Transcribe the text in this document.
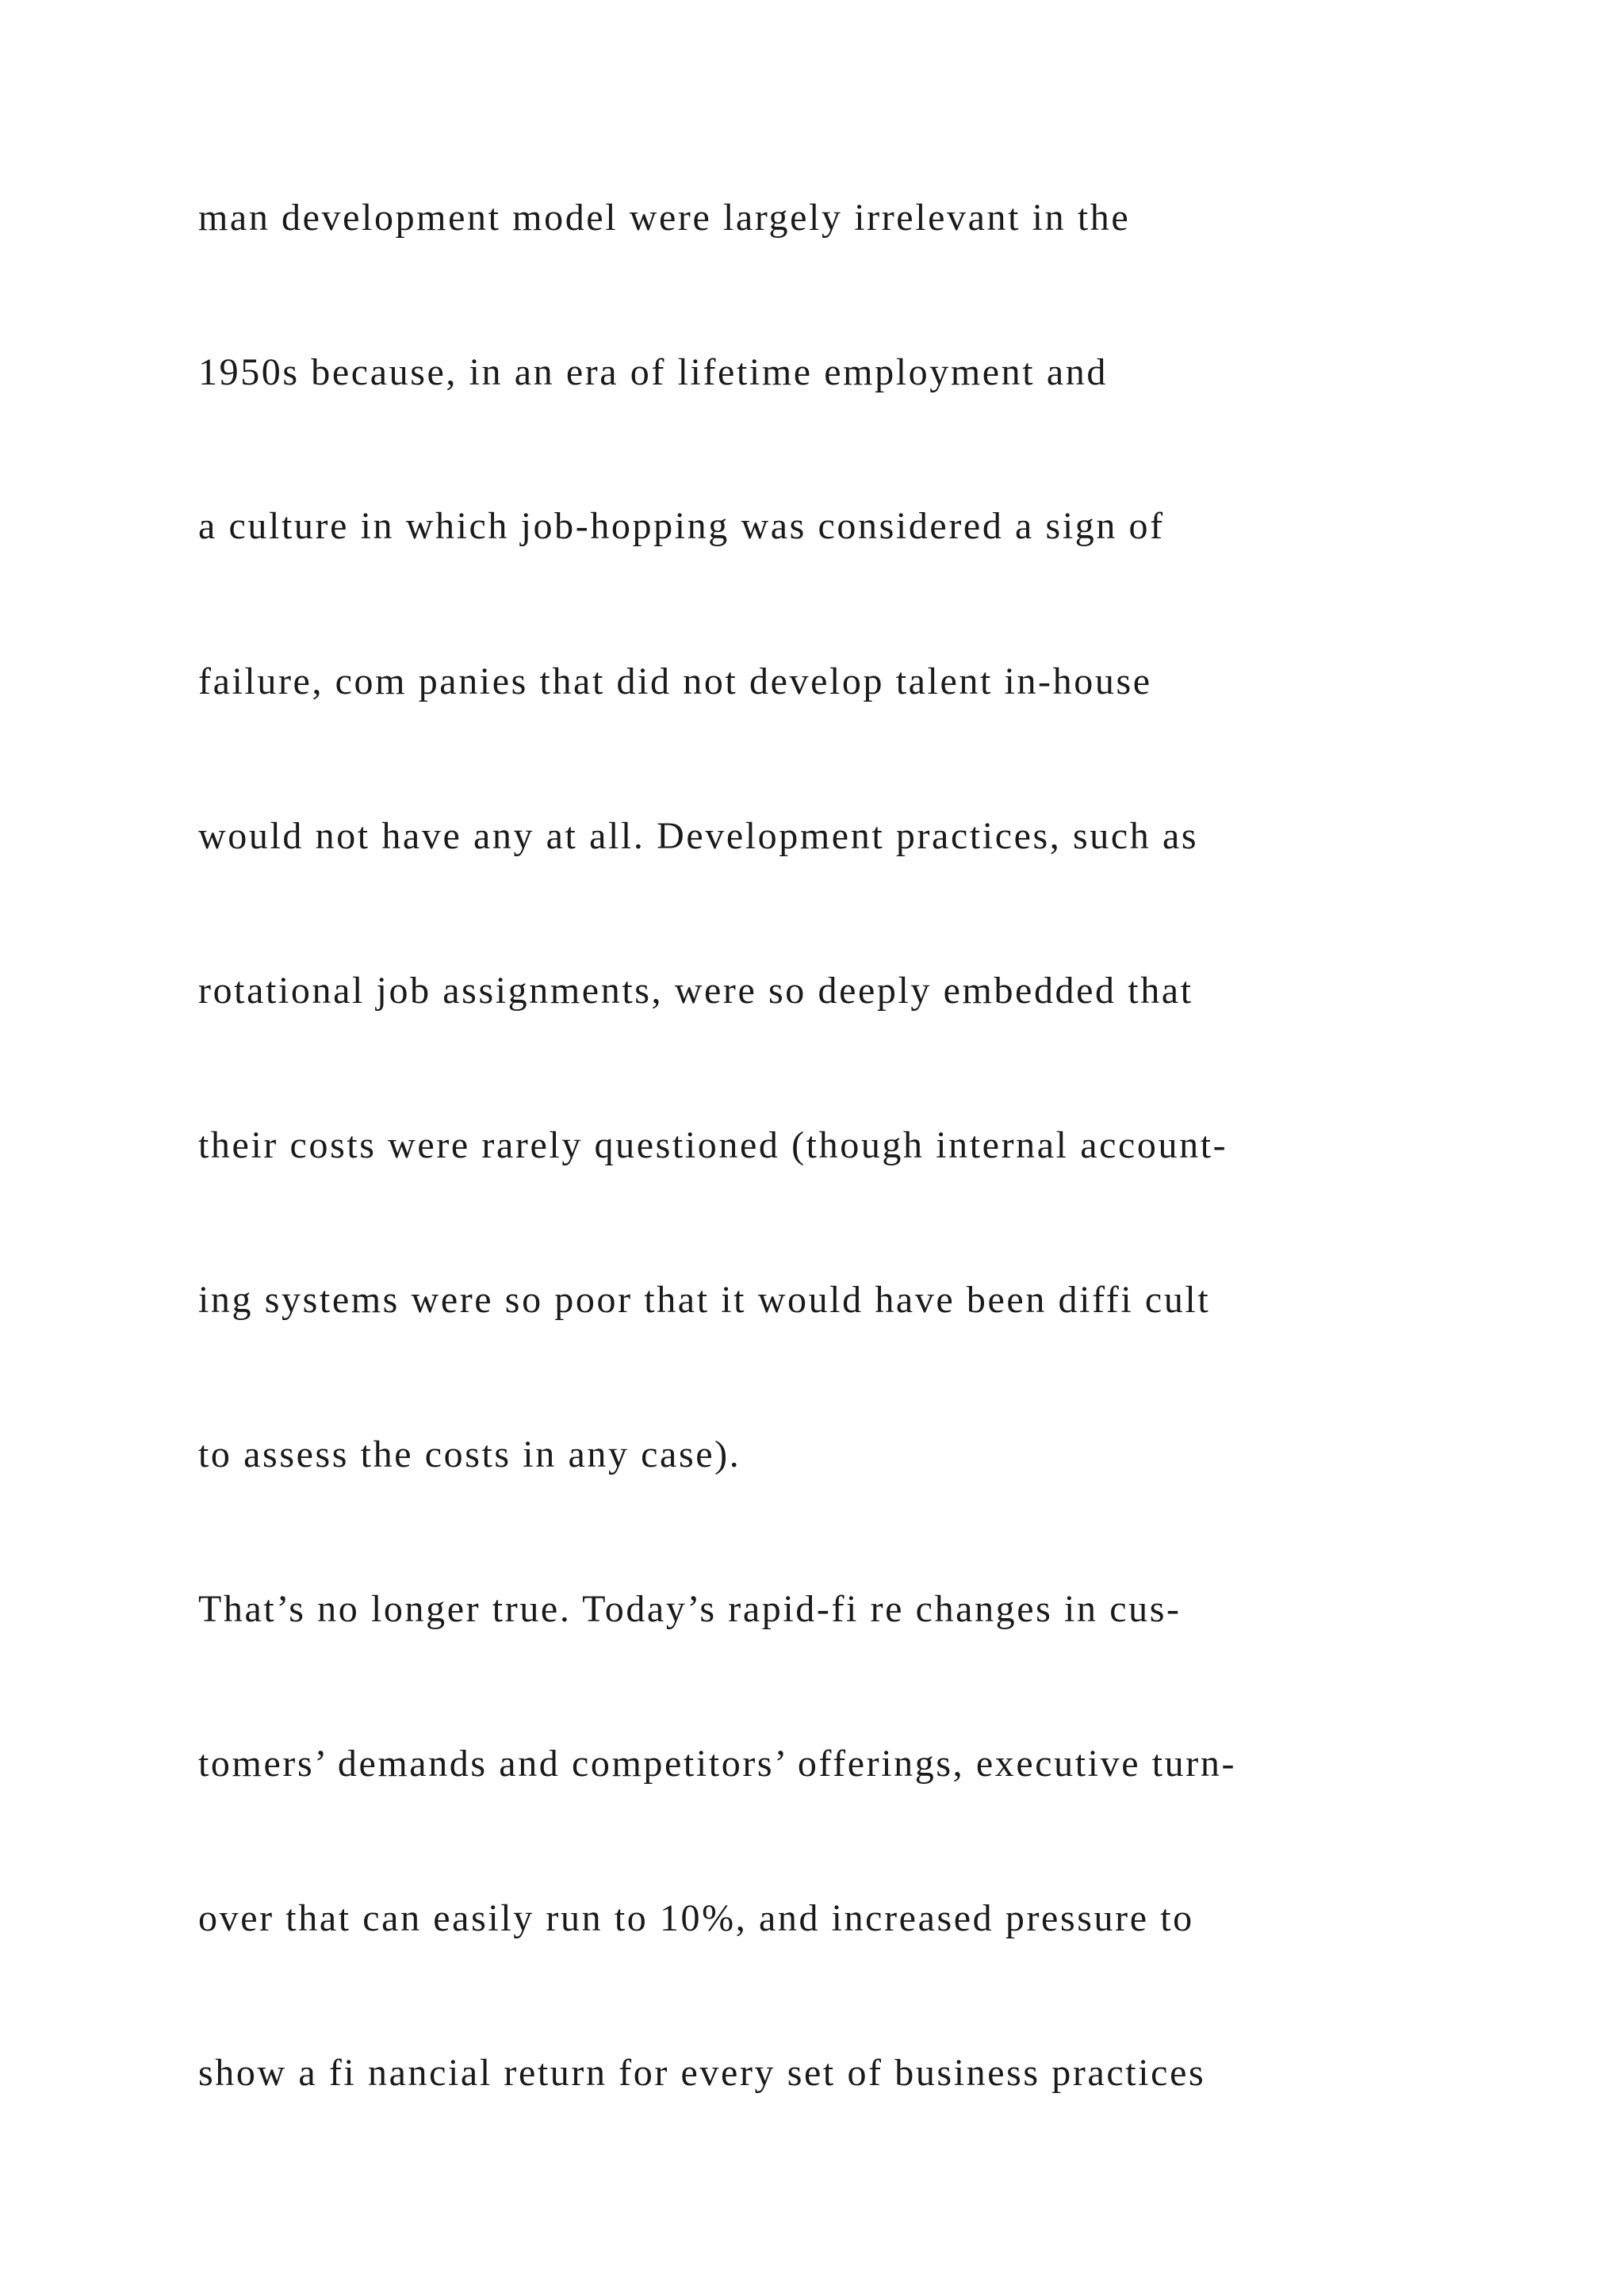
man development model were largely irrelevant in the

1950s because, in an era of lifetime employment and

a culture in which job-hopping was considered a sign of

failure, com panies that did not develop talent in-house

would not have any at all. Development practices, such as

rotational job assignments, were so deeply embedded that

their costs were rarely questioned (though internal account-

ing systems were so poor that it would have been diffi cult

to assess the costs in any case).

That’s no longer true. Today’s rapid-fi re changes in cus-

tomers’ demands and competitors’ offerings, executive turn-

over that can easily run to 10%, and increased pressure to

show a fi nancial return for every set of business practices
